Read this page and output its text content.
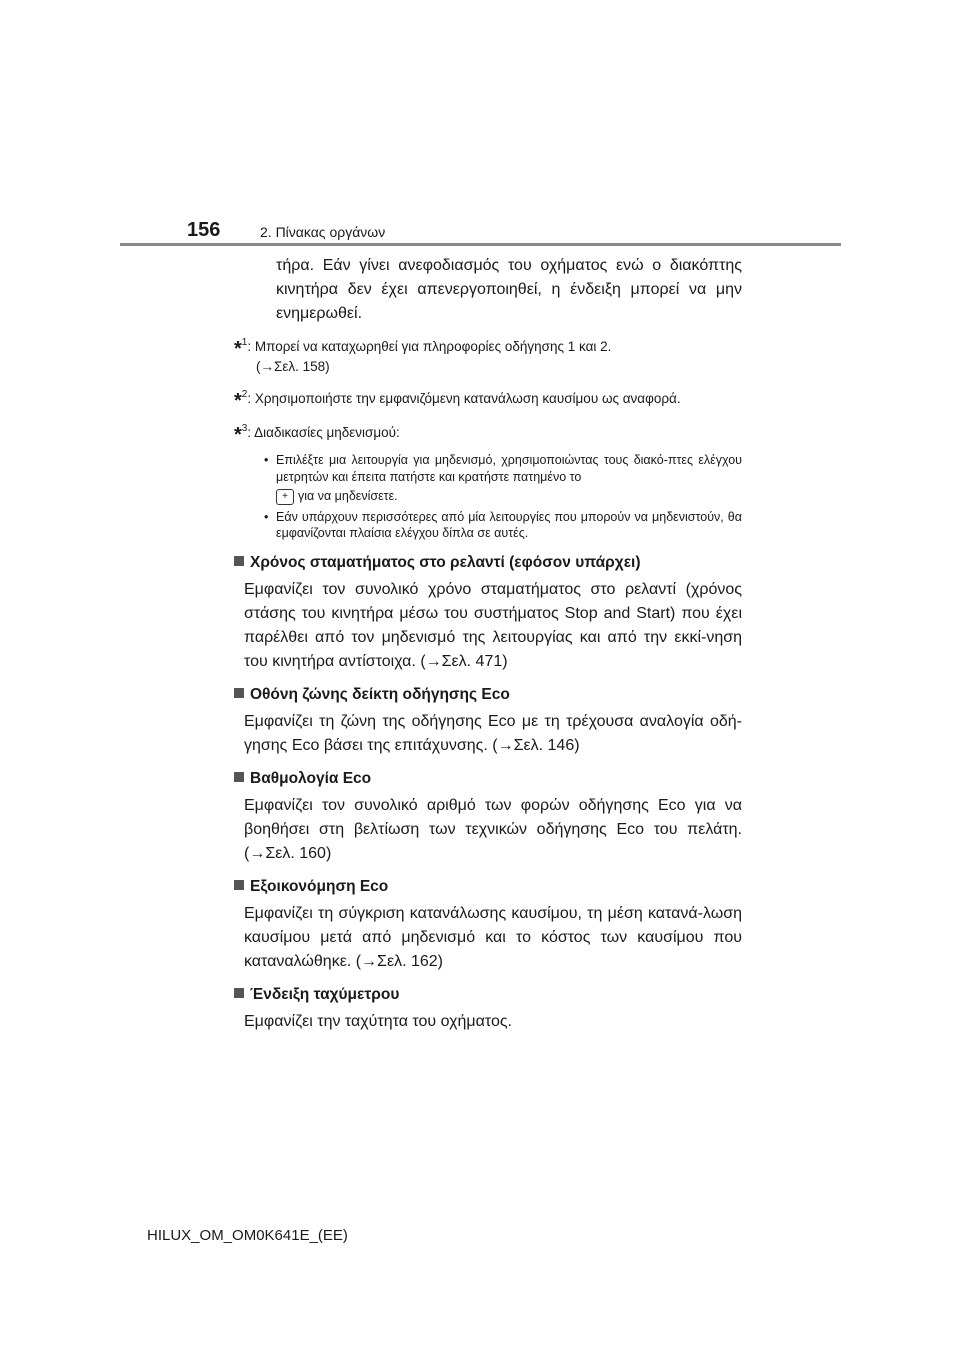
156	2. Πίνακας οργάνων

τήρα. Εάν γίνει ανεφοδιασμός του οχήματος ενώ ο διακόπτης κινητήρα δεν έχει απενεργοποιηθεί, η ένδειξη μπορεί να μην ενημερωθεί.

*$^1$: Μπορεί να καταχωρηθεί για πληροφορίες οδήγησης 1 και 2.
(→Σελ. 158)
*$^2$: Χρησιμοποιήστε την εμφανιζόμενη κατανάλωση καυσίμου ως αναφορά.
*$^3$: Διαδικασίες μηδενισμού:
• Επιλέξτε μια λειτουργία για μηδενισμό, χρησιμοποιώντας τους διακό-πτες ελέγχου μετρητών και έπειτα πατήστε και κρατήστε πατημένο το
+ για να μηδενίσετε.
• Εάν υπάρχουν περισσότερες από μία λειτουργίες που μπορούν να μηδενιστούν, θα εμφανίζονται πλαίσια ελέγχου δίπλα σε αυτές.
Χρόνος σταματήματος στο ρελαντί (εφόσον υπάρχει)
Εμφανίζει τον συνολικό χρόνο σταματήματος στο ρελαντί (χρόνος στάσης του κινητήρα μέσω του συστήματος Stop and Start) που έχει παρέλθει από τον μηδενισμό της λειτουργίας και από την εκκί-νηση του κινητήρα αντίστοιχα. (→Σελ. 471)
Οθόνη ζώνης δείκτη οδήγησης Eco
Εμφανίζει τη ζώνη της οδήγησης Eco με τη τρέχουσα αναλογία οδή-γησης Eco βάσει της επιτάχυνσης. (→Σελ. 146)
Βαθμολογία Eco
Εμφανίζει τον συνολικό αριθμό των φορών οδήγησης Eco για να βοηθήσει στη βελτίωση των τεχνικών οδήγησης Eco του πελάτη. (→Σελ. 160)
Εξοικονόμηση Eco
Εμφανίζει τη σύγκριση κατανάλωσης καυσίμου, τη μέση κατανά-λωση καυσίμου μετά από μηδενισμό και το κόστος των καυσίμου που καταναλώθηκε. (→Σελ. 162)
Ένδειξη ταχύμετρου
Εμφανίζει την ταχύτητα του οχήματος.
HILUX_OM_OM0K641E_(EE)
